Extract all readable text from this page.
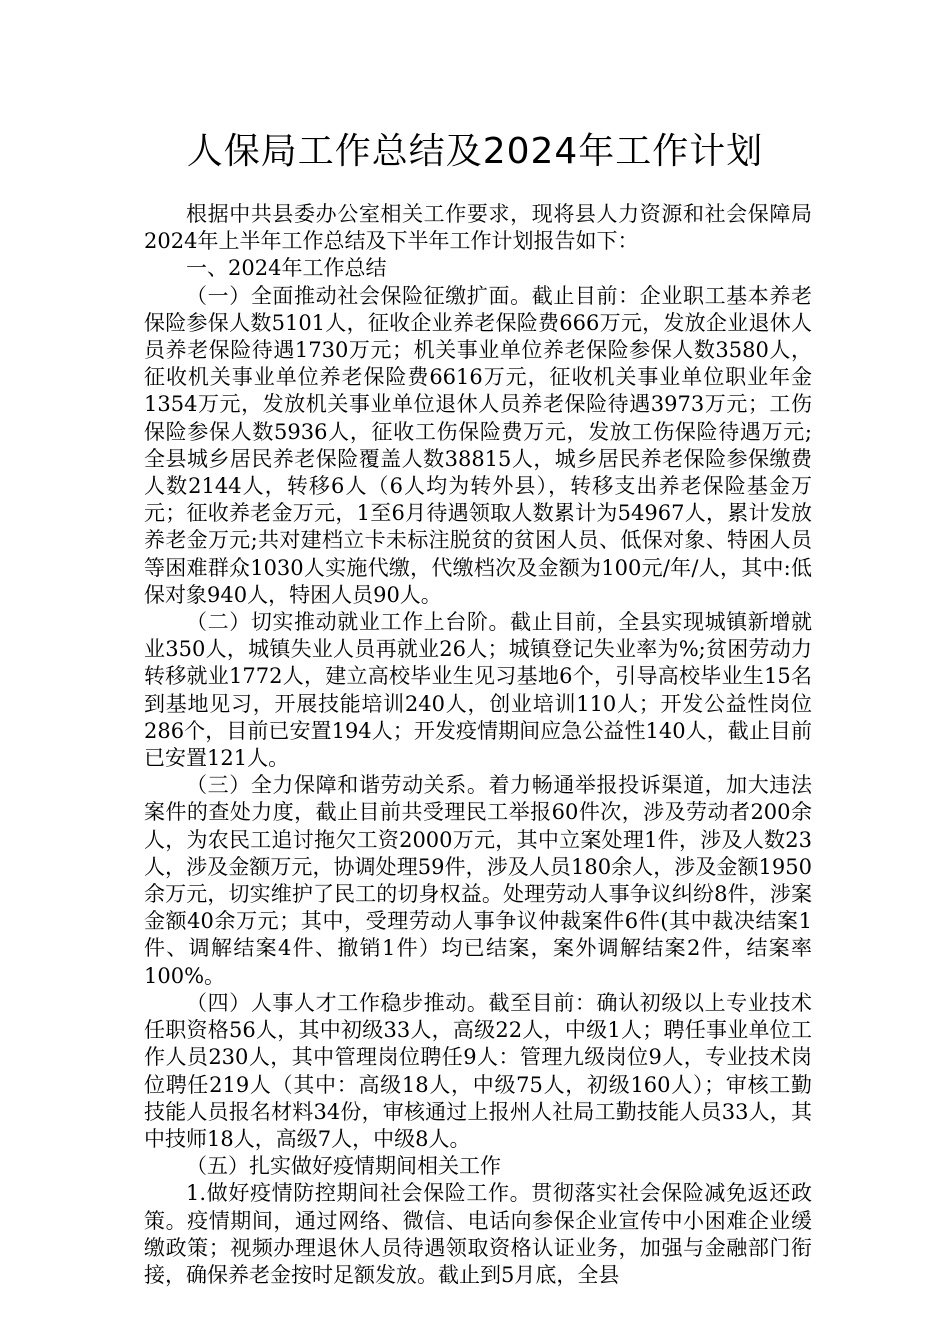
人保局工作总结及2024年工作计划

根据中共县委办公室相关工作要求，现将县人力资源和社会保障局2024年上半年工作总结及下半年工作计划报告如下：

一、2024年工作总结

（一）全面推动社会保险征缴扩面。截止目前：企业职工基本养老保险参保人数5101人，征收企业养老保险费666万元，发放企业退休人员养老保险待遇1730万元；机关事业单位养老保险参保人数3580人，征收机关事业单位养老保险费6616万元，征收机关事业单位职业年金1354万元，发放机关事业单位退休人员养老保险待遇3973万元；工伤保险参保人数5936人，征收工伤保险费万元，发放工伤保险待遇万元;全县城乡居民养老保险覆盖人数38815人，城乡居民养老保险参保缴费人数2144人，转移6人（6人均为转外县），转移支出养老保险基金万元；征收养老金万元，1至6月待遇领取人数累计为54967人，累计发放养老金万元;共对建档立卡未标注脱贫的贫困人员、低保对象、特困人员等困难群众1030人实施代缴，代缴档次及金额为100元/年/人，其中:低保对象940人，特困人员90人。

（二）切实推动就业工作上台阶。截止目前，全县实现城镇新增就业350人，城镇失业人员再就业26人；城镇登记失业率为%;贫困劳动力转移就业1772人，建立高校毕业生见习基地6个，引导高校毕业生15名到基地见习，开展技能培训240人，创业培训110人；开发公益性岗位286个，目前已安置194人；开发疫情期间应急公益性140人，截止目前已安置121人。

（三）全力保障和谐劳动关系。着力畅通举报投诉渠道，加大违法案件的查处力度，截止目前共受理民工举报60件次，涉及劳动者200余人，为农民工追讨拖欠工资2000万元，其中立案处理1件，涉及人数23人，涉及金额万元，协调处理59件，涉及人员180余人，涉及金额1950余万元，切实维护了民工的切身权益。处理劳动人事争议纠纷8件，涉案金额40余万元；其中，受理劳动人事争议仲裁案件6件(其中裁决结案1件、调解结案4件、撤销1件）均已结案，案外调解结案2件，结案率100%。

（四）人事人才工作稳步推动。截至目前：确认初级以上专业技术任职资格56人，其中初级33人，高级22人，中级1人；聘任事业单位工作人员230人，其中管理岗位聘任9人：管理九级岗位9人，专业技术岗位聘任219人（其中：高级18人，中级75人，初级160人）；审核工勤技能人员报名材料34份，审核通过上报州人社局工勤技能人员33人，其中技师18人，高级7人，中级8人。

（五）扎实做好疫情期间相关工作

1.做好疫情防控期间社会保险工作。贯彻落实社会保险减免返还政策。疫情期间，通过网络、微信、电话向参保企业宣传中小困难企业缓缴政策；视频办理退休人员待遇领取资格认证业务，加强与金融部门衔接，确保养老金按时足额发放。截止到5月底，全县
